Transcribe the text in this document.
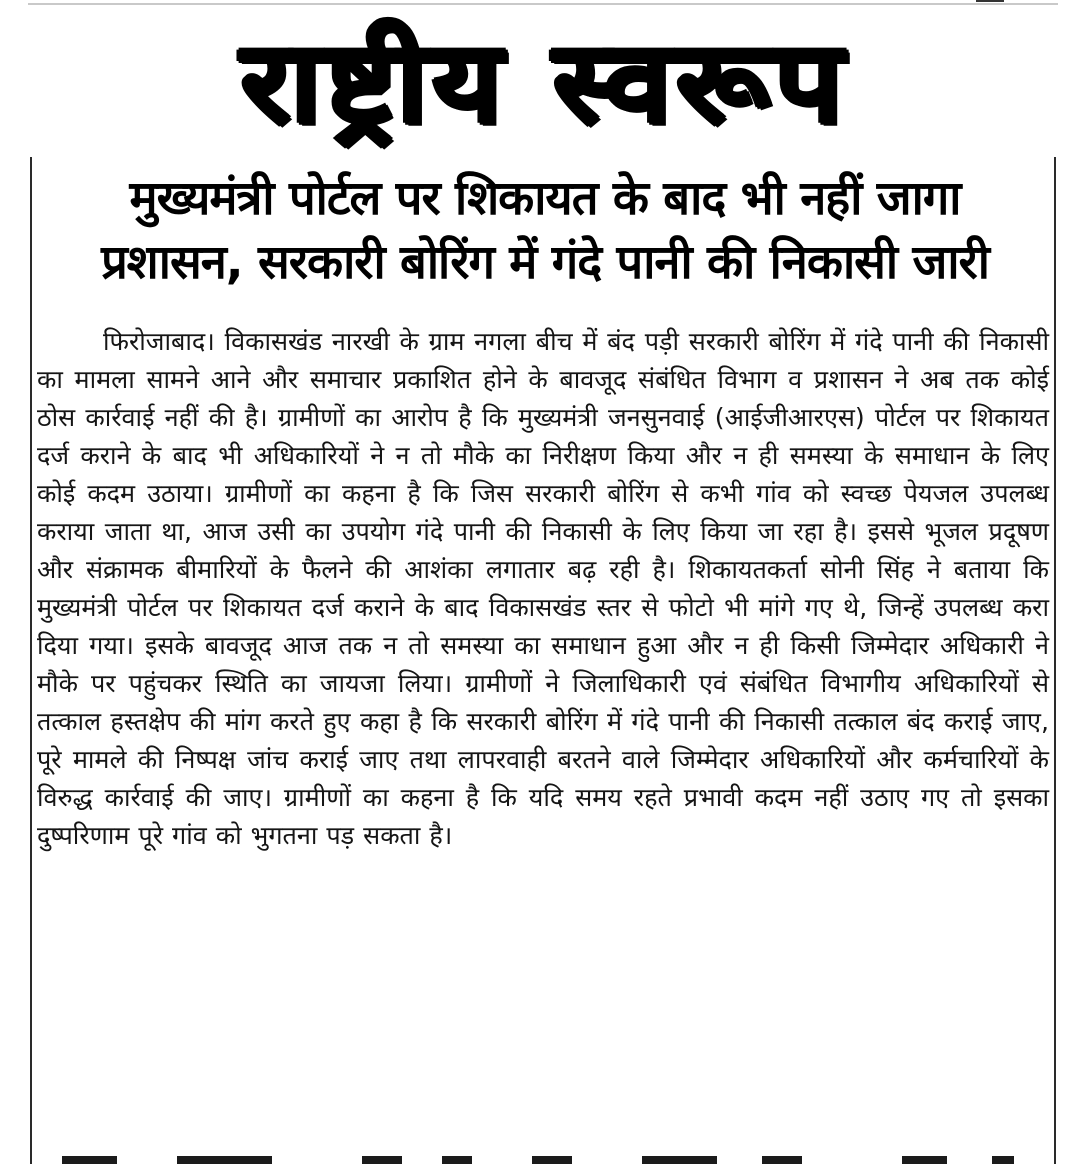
राष्ट्रीय स्वरूप
मुख्यमंत्री पोर्टल पर शिकायत के बाद भी नहीं जागा प्रशासन, सरकारी बोरिंग में गंदे पानी की निकासी जारी

फिरोजाबाद। विकासखंड नारखी के ग्राम नगला बीच में बंद पड़ी सरकारी बोरिंग में गंदे पानी की निकासी का मामला सामने आने और समाचार प्रकाशित होने के बावजूद संबंधित विभाग व प्रशासन ने अब तक कोई ठोस कार्रवाई नहीं की है। ग्रामीणों का आरोप है कि मुख्यमंत्री जनसुनवाई (आईजीआरएस) पोर्टल पर शिकायत दर्ज कराने के बाद भी अधिकारियों ने न तो मौके का निरीक्षण किया और न ही समस्या के समाधान के लिए कोई कदम उठाया। ग्रामीणों का कहना है कि जिस सरकारी बोरिंग से कभी गांव को स्वच्छ पेयजल उपलब्ध कराया जाता था, आज उसी का उपयोग गंदे पानी की निकासी के लिए किया जा रहा है। इससे भूजल प्रदूषण और संक्रामक बीमारियों के फैलने की आशंका लगातार बढ़ रही है। शिकायतकर्ता सोनी सिंह ने बताया कि मुख्यमंत्री पोर्टल पर शिकायत दर्ज कराने के बाद विकासखंड स्तर से फोटो भी मांगे गए थे, जिन्हें उपलब्ध करा दिया गया। इसके बावजूद आज तक न तो समस्या का समाधान हुआ और न ही किसी जिम्मेदार अधिकारी ने मौके पर पहुंचकर स्थिति का जायजा लिया। ग्रामीणों ने जिलाधिकारी एवं संबंधित विभागीय अधिकारियों से तत्काल हस्तक्षेप की मांग करते हुए कहा है कि सरकारी बोरिंग में गंदे पानी की निकासी तत्काल बंद कराई जाए, पूरे मामले की निष्पक्ष जांच कराई जाए तथा लापरवाही बरतने वाले जिम्मेदार अधिकारियों और कर्मचारियों के विरुद्ध कार्रवाई की जाए। ग्रामीणों का कहना है कि यदि समय रहते प्रभावी कदम नहीं उठाए गए तो इसका दुष्परिणाम पूरे गांव को भुगतना पड़ सकता है।
